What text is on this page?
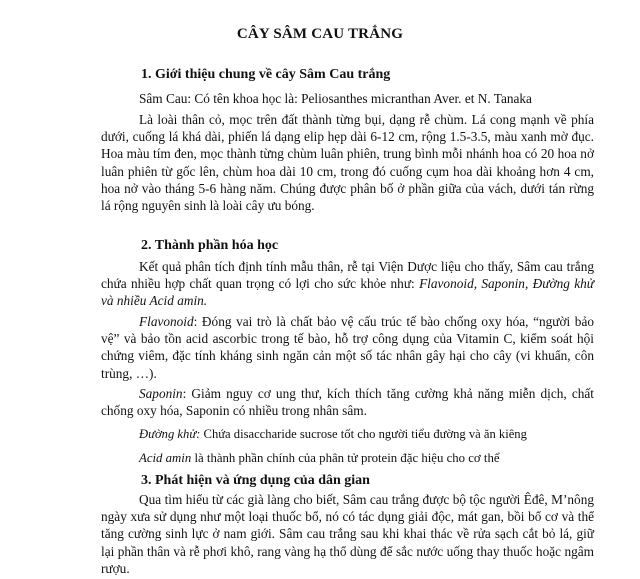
CÂY SÂM CAU TRẮNG
1. Giới thiệu chung về cây Sâm Cau trắng
Sâm Cau: Có tên khoa học là: Peliosanthes micranthan Aver. et N. Tanaka
Là loài thân cỏ, mọc trên đất thành từng bụi, dạng rễ chùm. Lá cong mạnh về phía dưới, cuống lá khá dài, phiến lá dạng elip hẹp dài 6-12 cm, rộng 1.5-3.5, màu xanh mờ đục. Hoa màu tím đen, mọc thành từng chùm luân phiên, trung bình mỗi nhánh hoa có 20 hoa nở luân phiên từ gốc lên, chùm hoa dài 10 cm, trong đó cuống cụm hoa dài khoảng hơn 4 cm, hoa nở vào tháng 5-6 hàng năm. Chúng được phân bố ở phần giữa của vách, dưới tán rừng lá rộng nguyên sinh là loài cây ưu bóng.
2. Thành phần hóa học
Kết quả phân tích định tính mẫu thân, rễ tại Viện Dược liệu cho thấy, Sâm cau trắng chứa nhiều hợp chất quan trọng có lợi cho sức khỏe như: Flavonoid, Saponin, Đường khử và nhiều Acid amin.
Flavonoid: Đóng vai trò là chất bảo vệ cấu trúc tế bào chống oxy hóa, “người bảo vệ” và bảo tồn acid ascorbic trong tế bào, hỗ trợ công dụng của Vitamin C, kiểm soát hội chứng viêm, đặc tính kháng sinh ngăn cản một số tác nhân gây hại cho cây (vi khuẩn, côn trùng, …).
Saponin: Giảm nguy cơ ung thư, kích thích tăng cường khả năng miễn dịch, chất chống oxy hóa, Saponin có nhiều trong nhân sâm.
Đường khử: Chứa disaccharide sucrose tốt cho người tiểu đường và ăn kiêng
Acid amin là thành phần chính của phân tử protein đặc hiệu cho cơ thể
3. Phát hiện và ứng dụng của dân gian
Qua tìm hiểu từ các già làng cho biết, Sâm cau trắng được bộ tộc người Êđê, M’nông ngày xưa sử dụng như một loại thuốc bổ, nó có tác dụng giải độc, mát gan, bồi bổ cơ và thể tăng cường sinh lực ở nam giới. Sâm cau trắng sau khi khai thác về rửa sạch cắt bỏ lá, giữ lại phần thân và rễ phơi khô, rang vàng hạ thổ dùng để sắc nước uống thay thuốc hoặc ngâm rượu.
